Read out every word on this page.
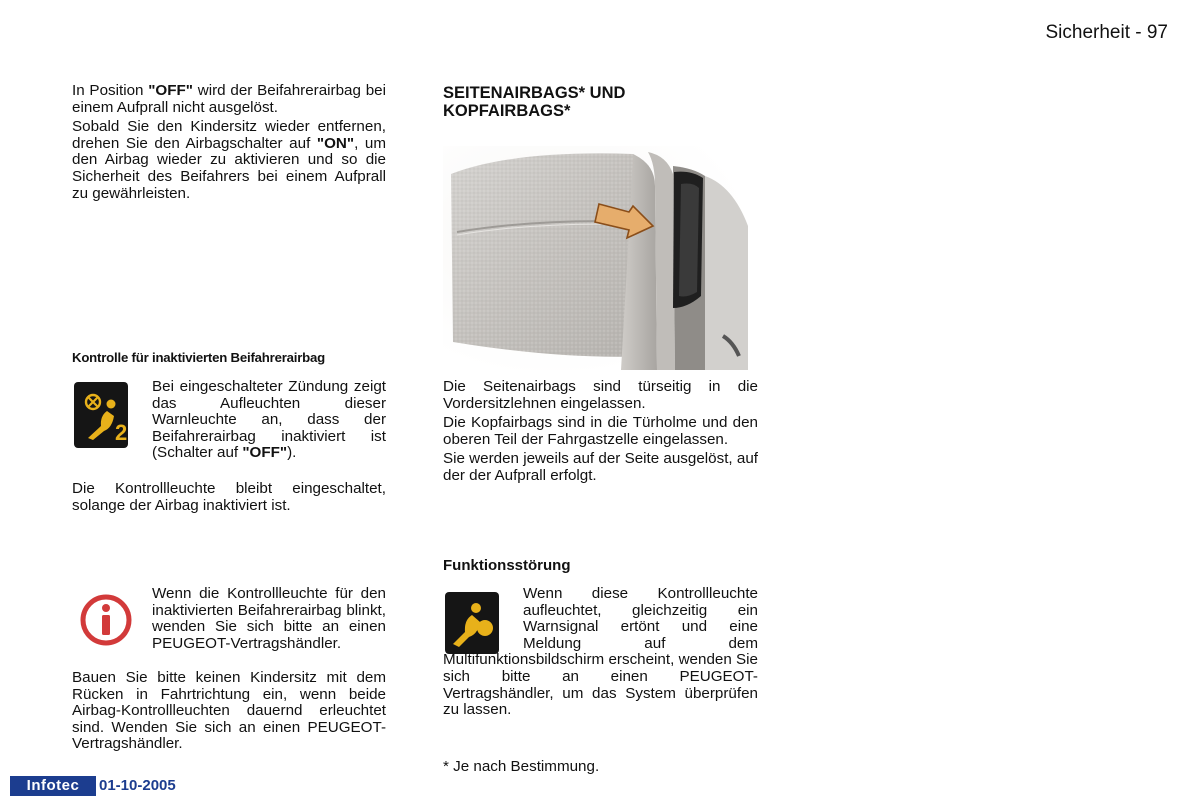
Sicherheit - 97

In Position "OFF" wird der Beifahrerairbag bei einem Aufprall nicht ausgelöst.

Sobald Sie den Kindersitz wieder entfernen, drehen Sie den Airbagschalter auf "ON", um den Airbag wieder zu aktivieren und so die Sicherheit des Beifahrers bei einem Aufprall zu gewährleisten.

Kontrolle für inaktivierten Beifahrerairbag
2

Bei eingeschalteter Zündung zeigt das Aufleuchten dieser Warnleuchte an, dass der Beifahrerairbag inaktiviert ist (Schalter auf "OFF").

Die Kontrollleuchte bleibt eingeschaltet, solange der Airbag inaktiviert ist.

Wenn die Kontrollleuchte für den inaktivierten Beifahrerairbag blinkt, wenden Sie sich bitte an einen PEUGEOT-Vertragshändler.

Bauen Sie bitte keinen Kindersitz mit dem Rücken in Fahrtrichtung ein, wenn beide Airbag-Kontrollleuchten dauernd erleuchtet sind. Wenden Sie sich an einen PEUGEOT-Vertragshändler.

SEITENAIRBAGS* UND
KOPFAIRBAGS*

Die Seitenairbags sind türseitig in die Vordersitzlehnen eingelassen.

Die Kopfairbags sind in die Türholme und den oberen Teil der Fahrgastzelle eingelassen.

Sie werden jeweils auf der Seite ausgelöst, auf der der Aufprall erfolgt.

Funktionsstörung

Wenn diese Kontrollleuchte aufleuchtet, gleichzeitig ein Warnsignal ertönt und eine Meldung auf dem Multifunktionsbildschirm erscheint, wenden Sie sich bitte an einen PEUGEOT-Vertragshändler, um das System überprüfen zu lassen.

* Je nach Bestimmung.
Infotec	01-10-2005
